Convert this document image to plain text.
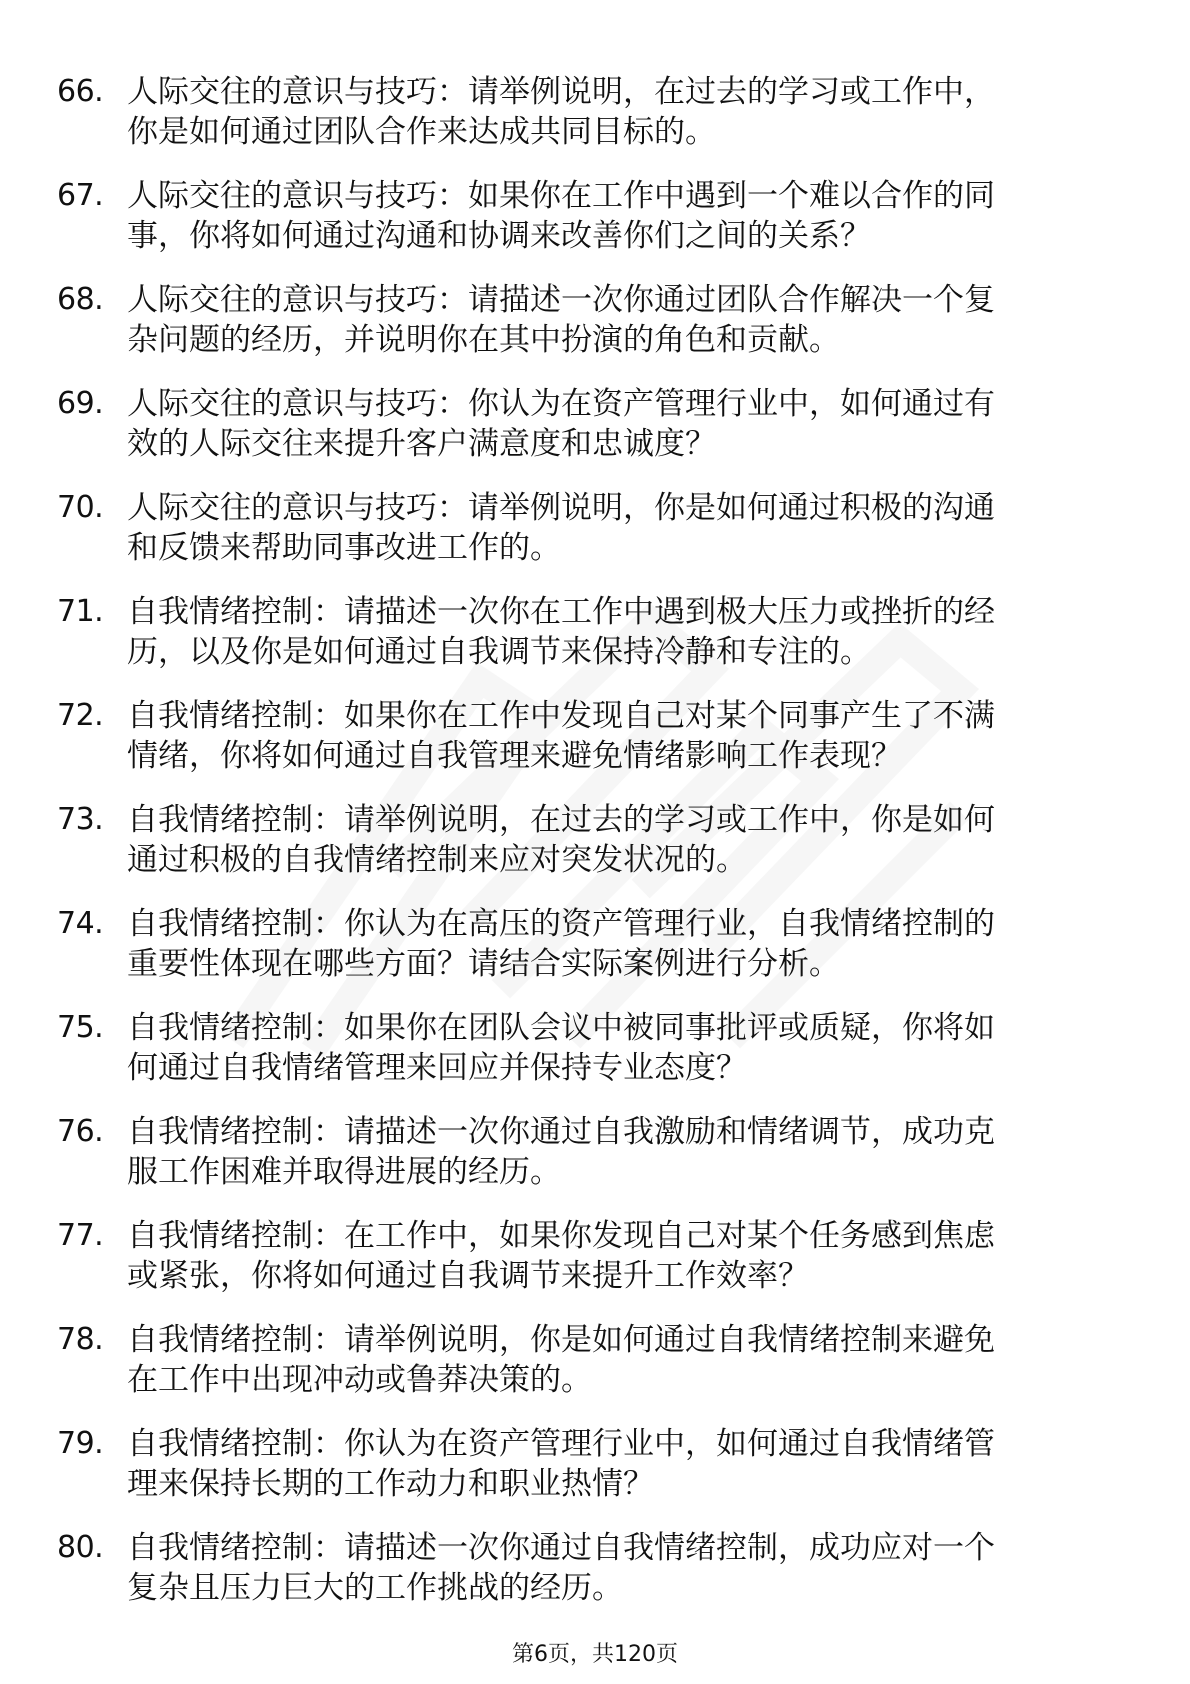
66. 人际交往的意识与技巧：请举例说明，在过去的学习或工作中，
你是如何通过团队合作来达成共同目标的。
67. 人际交往的意识与技巧：如果你在工作中遇到一个难以合作的同
事，你将如何通过沟通和协调来改善你们之间的关系？
68. 人际交往的意识与技巧：请描述一次你通过团队合作解决一个复
杂问题的经历，并说明你在其中扮演的角色和贡献。
69. 人际交往的意识与技巧：你认为在资产管理行业中，如何通过有
效的人际交往来提升客户满意度和忠诚度？
70. 人际交往的意识与技巧：请举例说明，你是如何通过积极的沟通
和反馈来帮助同事改进工作的。
71. 自我情绪控制：请描述一次你在工作中遇到极大压力或挫折的经
历，以及你是如何通过自我调节来保持冷静和专注的。
72. 自我情绪控制：如果你在工作中发现自己对某个同事产生了不满
情绪，你将如何通过自我管理来避免情绪影响工作表现？
73. 自我情绪控制：请举例说明，在过去的学习或工作中，你是如何
通过积极的自我情绪控制来应对突发状况的。
74. 自我情绪控制：你认为在高压的资产管理行业，自我情绪控制的
重要性体现在哪些方面？请结合实际案例进行分析。
75. 自我情绪控制：如果你在团队会议中被同事批评或质疑，你将如
何通过自我情绪管理来回应并保持专业态度？
76. 自我情绪控制：请描述一次你通过自我激励和情绪调节，成功克
服工作困难并取得进展的经历。
77. 自我情绪控制：在工作中，如果你发现自己对某个任务感到焦虑
或紧张，你将如何通过自我调节来提升工作效率？
78. 自我情绪控制：请举例说明，你是如何通过自我情绪控制来避免
在工作中出现冲动或鲁莽决策的。
79. 自我情绪控制：你认为在资产管理行业中，如何通过自我情绪管
理来保持长期的工作动力和职业热情？
80. 自我情绪控制：请描述一次你通过自我情绪控制，成功应对一个
复杂且压力巨大的工作挑战的经历。
第6页，共120页
